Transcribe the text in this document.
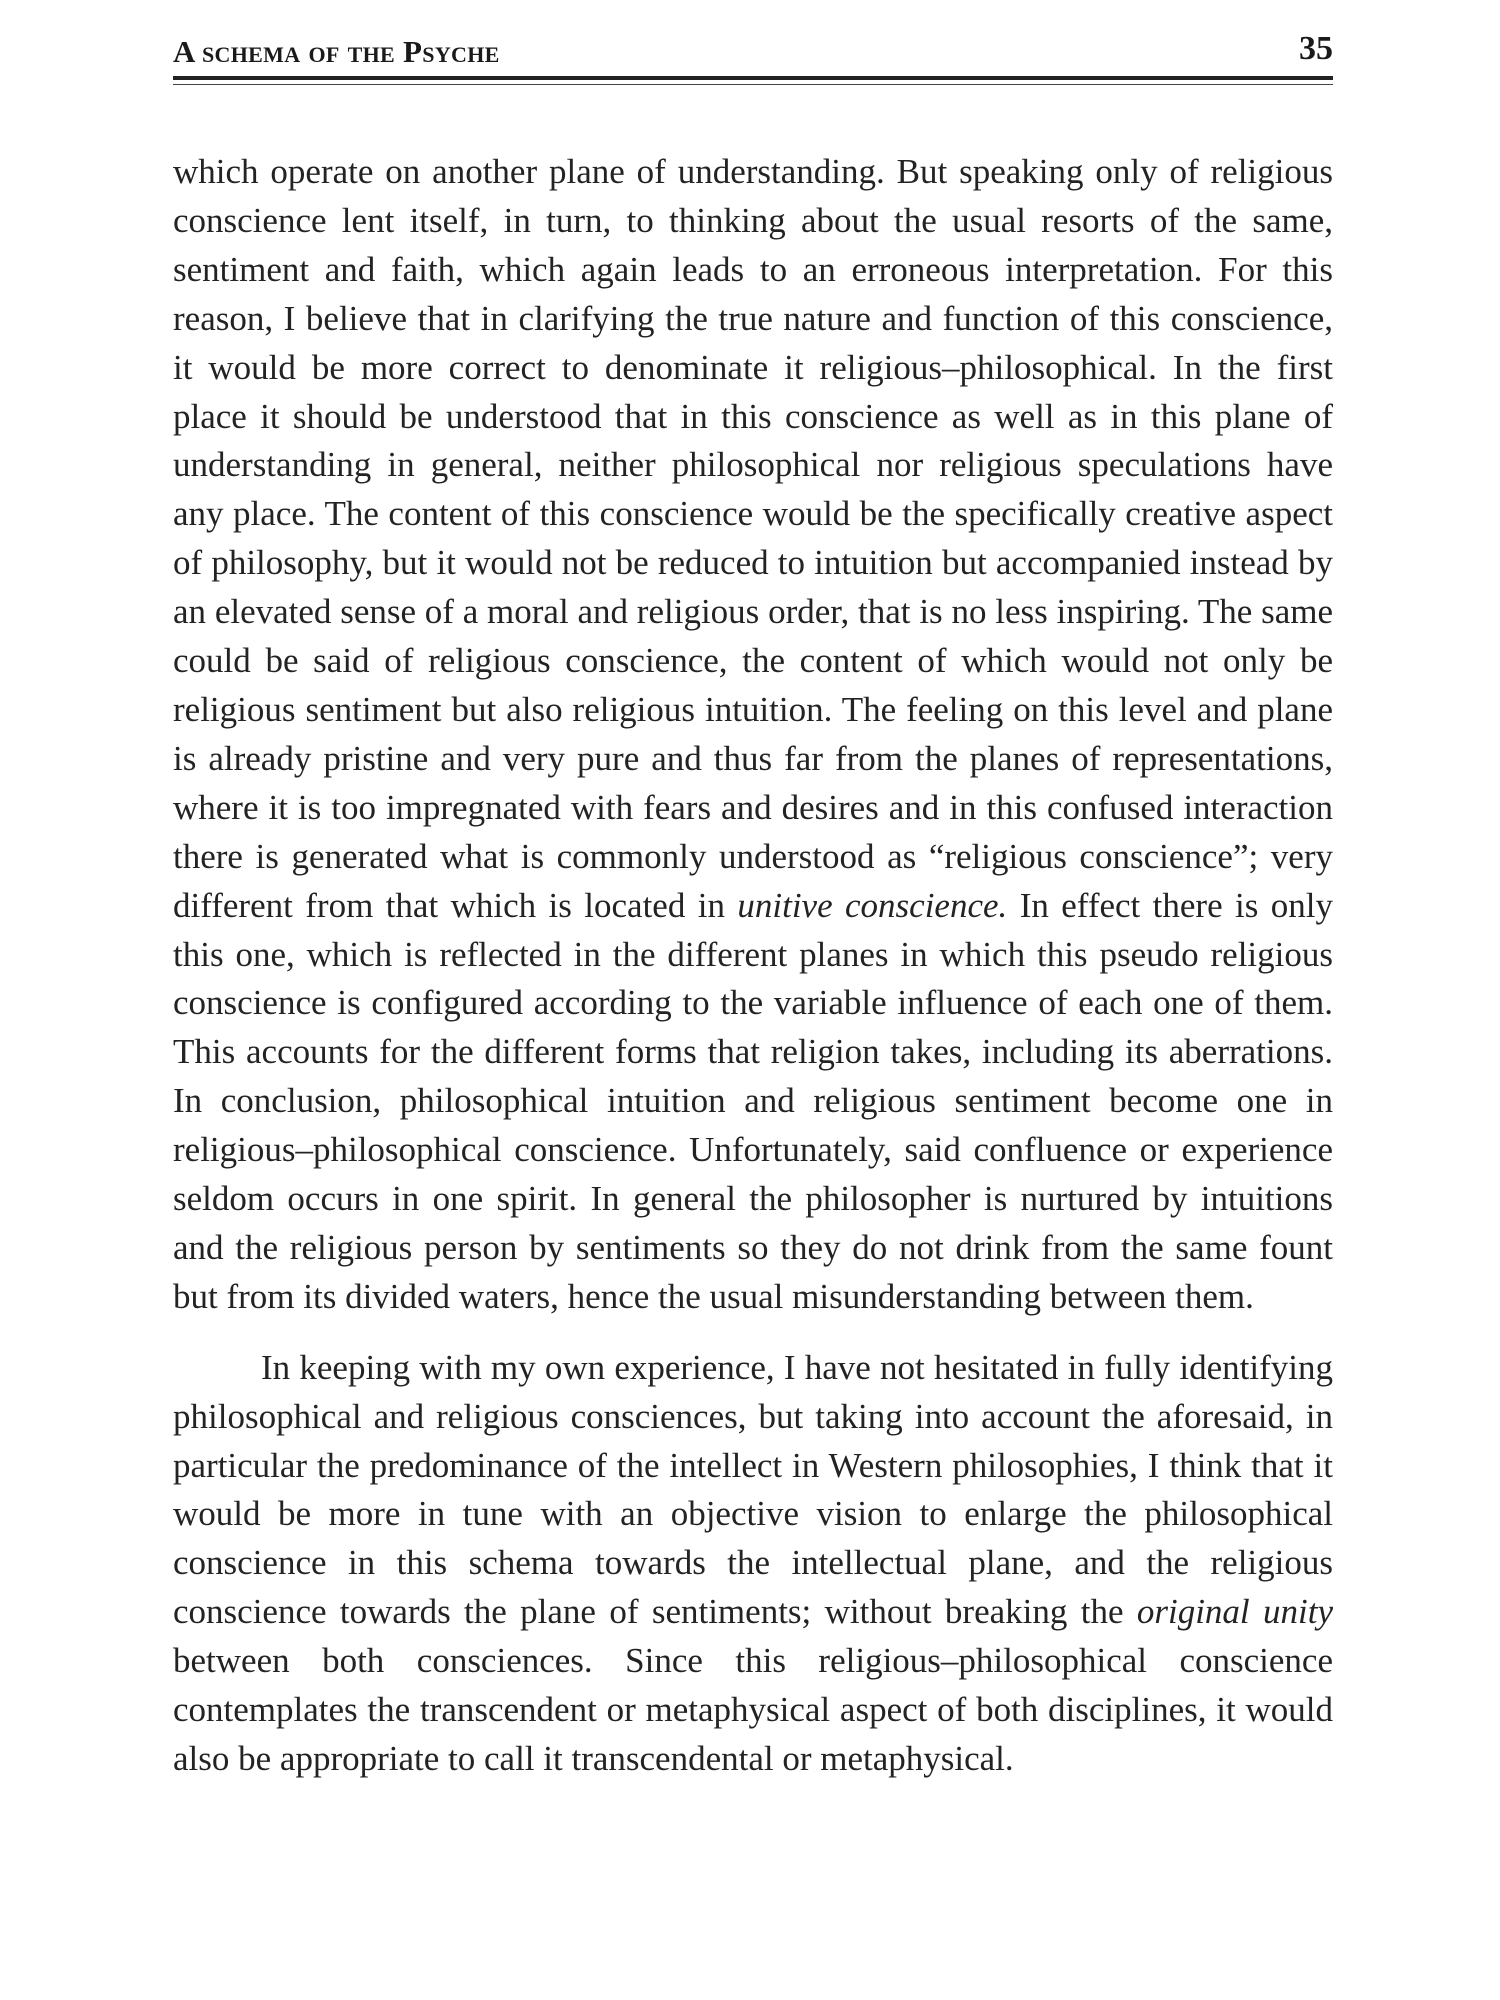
A schema of the Psyche	35

which operate on another plane of understanding. But speaking only of religious conscience lent itself, in turn, to thinking about the usual resorts of the same, sentiment and faith, which again leads to an erroneous interpretation. For this reason, I believe that in clarifying the true nature and function of this conscience, it would be more correct to denominate it religious–philosophical. In the first place it should be understood that in this conscience as well as in this plane of understanding in general, neither philosophical nor religious speculations have any place. The content of this conscience would be the specifically creative aspect of philosophy, but it would not be reduced to intuition but accompanied instead by an elevated sense of a moral and religious order, that is no less inspiring. The same could be said of religious conscience, the content of which would not only be religious sentiment but also religious intuition. The feeling on this level and plane is already pristine and very pure and thus far from the planes of representations, where it is too impregnated with fears and desires and in this confused interaction there is generated what is commonly understood as “religious conscience”; very different from that which is located in unitive conscience. In effect there is only this one, which is reflected in the different planes in which this pseudo religious conscience is configured according to the variable influence of each one of them. This accounts for the different forms that religion takes, including its aberrations. In conclusion, philosophical intuition and religious sentiment become one in religious–philosophical conscience. Unfortunately, said confluence or experience seldom occurs in one spirit. In general the philosopher is nurtured by intuitions and the religious person by sentiments so they do not drink from the same fount but from its divided waters, hence the usual misunderstanding between them.

In keeping with my own experience, I have not hesitated in fully identifying philosophical and religious consciences, but taking into account the aforesaid, in particular the predominance of the intellect in Western philosophies, I think that it would be more in tune with an objective vision to enlarge the philosophical conscience in this schema towards the intellectual plane, and the religious conscience towards the plane of sentiments; without breaking the original unity between both consciences. Since this religious–philosophical conscience contemplates the transcendent or metaphysical aspect of both disciplines, it would also be appropriate to call it transcendental or metaphysical.
